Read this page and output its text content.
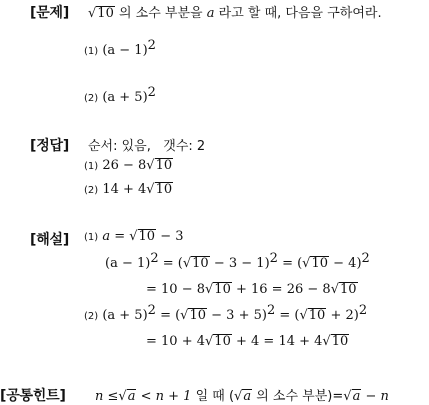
[문제] √10 의 소수 부분을 a 라고 할 때, 다음을 구하여라.
(1) $(a - 1)^2$
(2) $(a + 5)^2$
[정답] 순서: 있음, 갯수: 2
(1) 26 − 8√10
(2) 14 + 4√10
[해설] (1) a = √10 − 3
$(a - 1)^2 = (√10 - 3 - 1)^2 = (√10 - 4)^2$
= 10 − 8√10 + 16 = 26 − 8√10
(2) $(a + 5)^2 = (√10 - 3 + 5)^2 = (√10 + 2)^2$
= 10 + 4√10 + 4 = 14 + 4√10
[공통힌트] n ≤√a < n + 1 일 때 (√a 의 소수 부분)=√a − n
